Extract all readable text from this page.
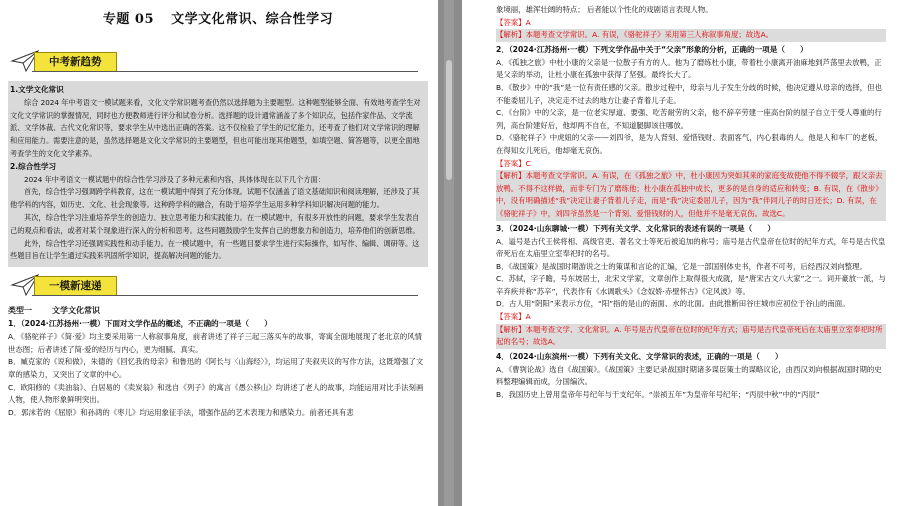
专题 05 文学文化常识、综合性学习
中考新趋势
1.文学文化常识

综合 2024 年中考语文一模试题来看，文化文学常识题考查仍然以选择题为主要题型。这种题型能够全面、有效地考查学生对文化文学常识的掌握情况，同时也方便教师进行评分和试卷分析。选择题的设计通常涵盖了多个知识点，包括作家作品、文学流派、文学体裁、古代文化常识等，要求学生从中选出正确的答案。这不仅检验了学生的记忆能力，还考查了他们对文学常识的理解和应用能力。需要注意的是，虽然选择题是文化文学常识的主要题型，但也可能出现其他题型，如填空题、简答题等，以更全面地考查学生的文化文学素养。

2.综合性学习

2024 年中考语文一模试题中的综合性学习涉及了多种元素和内容，具体体现在以下几个方面：

首先，综合性学习强调跨学科教育，这在一模试题中得到了充分体现。试题不仅涵盖了语文基础知识和阅读理解，还涉及了其他学科的内容，如历史、文化、社会现象等。这种跨学科的融合，有助于培养学生运用多种学科知识解决问题的能力。

其次，综合性学习注重培养学生的创造力、独立思考能力和实践能力。在一模试题中，有很多开放性的问题，要求学生发表自己的观点和看法，或者对某个现象进行深入的分析和思考。这些问题鼓励学生发挥自己的想象力和创造力，培养他们的创新思维。

此外，综合性学习还强调实践性和动手能力。在一模试题中，有一些题目要求学生进行实际操作，如写作、编辑、调研等。这些题目旨在让学生通过实践来巩固所学知识，提高解决问题的能力。

一模新速递
类型一	文学文化常识
1．（2024·江苏扬州·一模）下面对文学作品的概述，不正确的一项是（　　）

A．《骆驼祥子》《简·爱》均主要采用第一人称叙事角度，前者讲述了祥子三起三落买车的故事，寄寓全面地展现了老北京的风情世态图；后者讲述了简·爱的经历与内心，更为细腻、真实。

B．臧克家的《说和做》，朱德的《回忆我的母亲》和鲁迅的《阿长与〈山海经〉》，均运用了夹叙夹议的写作方法，这既增强了文章的感染力，又突出了文章的中心。

C．欧阳修的《卖油翁》、白居易的《卖炭翁》和选自《列子》的寓言《愚公移山》均讲述了老人的故事，均能运用对比手法刻画人物，使人物形象鲜明突出。

D．郭沫若的《屈原》和孙鸿的《枣儿》均运用象征手法，增强作品的艺术表现力和感染力。前者还具有悲

象境丽，雄浑壮阔的特点； 后者能以个性化的戏剧语言表现人物。

【答案】A

【解析】本题考查文学常识。A. 有误，《骆驼祥子》采用第三人称叙事角度；故选A。

2．（2024·江苏扬州·一模）下列文学作品中关于“父亲”形象的分析，正确的一项是（　　）

A．《孤独之旅》中杜小康的父亲是一位散子有方的人。他为了磨练杜小康，带着杜小康离开油麻地到芦荡里去放鸭，正是父亲的举动，让杜小康在孤独中获得了坚强。最终长大了。

B．《散步》中的“我”是一位有责任感的父亲。散步过程中，母亲与儿子发生分歧的时候，他决定遵从母亲的选择，但也不能委屈儿子，决定走不过去的地方让妻子背着儿子走。

C．《台阶》中的父亲，是一位老实厚道、要强、吃苦耐劳的父亲，他不辞辛劳建一座高台阶的屋子自立于受人尊重的行列，高台阶建好后，他却两不自在，不知道腿脚该往哪放。

D．《骆驼祥子》中虎妞的父亲——刘四爷，是为人背刻、爱惜钱财、表面客气，内心狠毒的人。他是人和车厂的老板，在得知女儿死后，他却毫无哀伤。

【答案】C

【解析】本题考查文学常识。A. 有误，在《孤独之旅》中，杜小康因为突如其来的家庭变故使他不得不辍学，跟父亲去放鸭。不得不这样做，而非专门为了磨练他；杜小康在孤独中成长，更多的是自身的适应和转变；B. 有误，在《散步》中，没有明确描述“我”决定让妻子背着儿子走，而是“我”决定委屈儿子，因为“我”伴同儿子的时日还长；D. 有误，在《骆驼祥子》中，刘四爷虽然是一个背刻、爱惜钱财的人，但他并不是毫无哀伤。故选C。

3．（2024·山东聊城·一模）下列有关文学、文化常识的表述有误的一项是（　　）

A．谥号是古代王侯将相、高级官吏、著名文士等死后被追加的称号；庙号是古代皇帝在位时的纪年方式，年号是古代皇帝死后在太庙里立室奉祀时的名号。

B．《战国策》是战国时期游说之士的策谋和言论的汇编，它是一部国别体史书，作者不可考，后经西汉刘向整理。

C．苏轼，字子瞻，号东坡居士，北宋文学家，文章创作上取得很大成就，是“唐宋古文八大家”之一。词开豪放一派，与辛弃疾并称“苏辛”，代表作有《水调歌头》《念奴娇·赤壁怀古》《定风波》等。

D．古人用“阴阳”来表示方位，“阳”指的是山的南面、水的北面。由此推断田谷庄城市应初位于谷山的南面。

【答案】A

【解析】本题考查文学、文化常识。A. 年号是古代皇帝在位时的纪年方式；庙号是古代皇帝死后在太庙里立室奉祀时所起的名号；故选A。

4．（2024·山东滨州·一模）下列有关文化、文学常识的表述，正确的一项是（　　）

A．《曹刿论战》选自《战国策》。《战国策》主要记录战国时期诸多谋臣策士的谋略议论，由西汉刘向根据战国时期的史料整理编辑而成，分国编次。

B．我国历史上曾用皇帝年号纪年与干支纪年。“崇祯五年”为皇帝年号纪年；“丙辰中秋”中的“丙辰”
